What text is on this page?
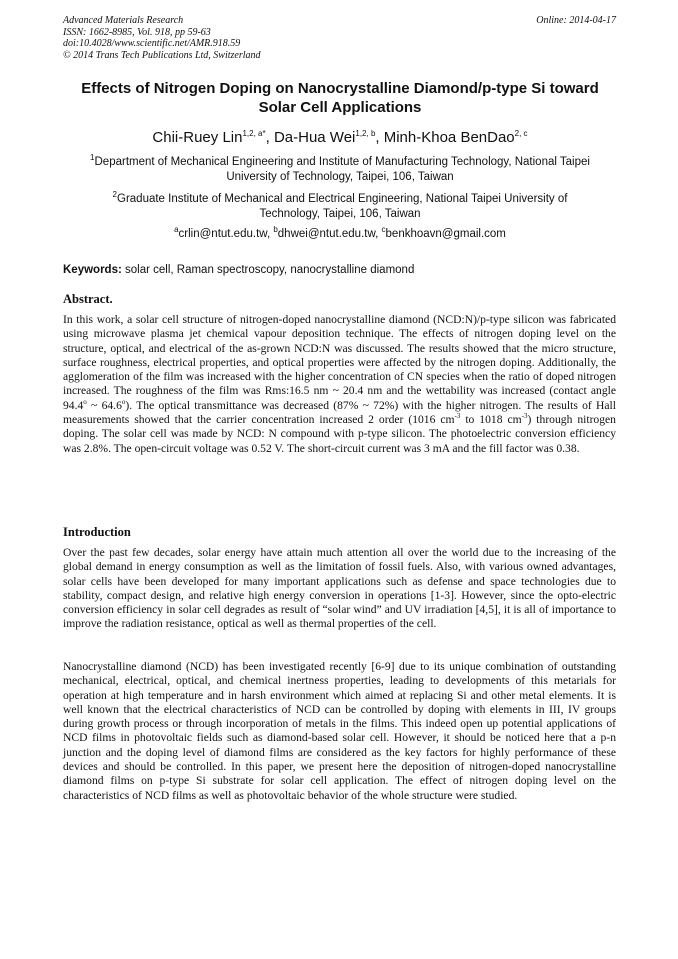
Advanced Materials Research
ISSN: 1662-8985, Vol. 918, pp 59-63
doi:10.4028/www.scientific.net/AMR.918.59
© 2014 Trans Tech Publications Ltd, Switzerland
Online: 2014-04-17
Effects of Nitrogen Doping on Nanocrystalline Diamond/p-type Si toward
Solar Cell Applications
Chii-Ruey Lin$^{1,2, a*}$, Da-Hua Wei$^{1,2, b}$, Minh-Khoa BenDao$^{2, c}$
$^1$Department of Mechanical Engineering and Institute of Manufacturing Technology, National Taipei
University of Technology, Taipei, 106, Taiwan
$^2$Graduate Institute of Mechanical and Electrical Engineering, National Taipei University of
Technology, Taipei, 106, Taiwan
$^a$crlin@ntut.edu.tw, $^b$dhwei@ntut.edu.tw, $^c$benkhoavn@gmail.com
Keywords: solar cell, Raman spectroscopy, nanocrystalline diamond
Abstract.
In this work, a solar cell structure of nitrogen-doped nanocrystalline diamond (NCD:N)/p-type silicon was fabricated using microwave plasma jet chemical vapour deposition technique. The effects of nitrogen doping level on the structure, optical, and electrical of the as-grown NCD:N was discussed. The results showed that the micro structure, surface roughness, electrical properties, and optical properties were affected by the nitrogen doping. Additionally, the agglomeration of the film was increased with the higher concentration of CN species when the ratio of doped nitrogen increased. The roughness of the film was Rms:16.5 nm ~ 20.4 nm and the wettability was increased (contact angle 94.4$^o$ ~ 64.6$^o$). The optical transmittance was decreased (87% ~ 72%) with the higher nitrogen. The results of Hall measurements showed that the carrier concentration increased 2 order (1016 $cm^{-3}$ to 1018 $cm^{-3}$) through nitrogen doping. The solar cell was made by NCD: N compound with p-type silicon. The photoelectric conversion efficiency was 2.8%. The open-circuit voltage was 0.52 V. The short-circuit current was 3 mA and the fill factor was 0.38.
Introduction
Over the past few decades, solar energy have attain much attention all over the world due to the increasing of the global demand in energy consumption as well as the limitation of fossil fuels. Also, with various owned advantages, solar cells have been developed for many important applications such as defense and space technologies due to stability, compact design, and relative high energy conversion in operations [1-3]. However, since the opto-electric conversion efficiency in solar cell degrades as result of “solar wind” and UV irradiation [4,5], it is all of importance to improve the radiation resistance, optical as well as thermal properties of the cell.
Nanocrystalline diamond (NCD) has been investigated recently [6-9] due to its unique combination of outstanding mechanical, electrical, optical, and chemical inertness properties, leading to developments of this metarials for operation at high temperature and in harsh environment which aimed at replacing Si and other metal elements. It is well known that the electrical characteristics of NCD can be controlled by doping with elements in III, IV groups during growth process or through incorporation of metals in the films. This indeed open up potential applications of NCD films in photovoltaic fields such as diamond-based solar cell. However, it should be noticed here that a p-n junction and the doping level of diamond films are considered as the key factors for highly performance of these devices and should be controlled. In this paper, we present here the deposition of nitrogen-doped nanocrystalline diamond films on p-type Si substrate for solar cell application. The effect of nitrogen doping level on the characteristics of NCD films as well as photovoltaic behavior of the whole structure were studied.
